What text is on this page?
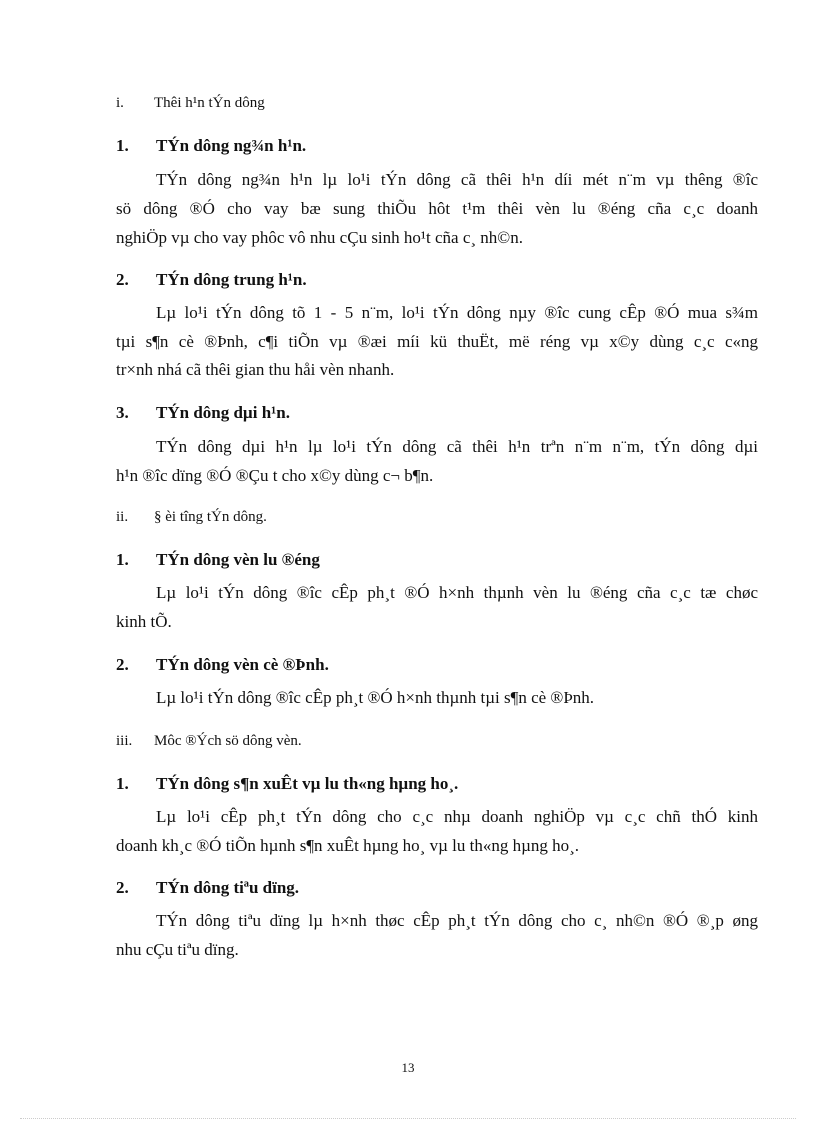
i. Thêi h¹n tÝn dông
1. TÝn dông ng¾n h¹n.
TÝn dông ng¾n h¹n lµ lo¹i tÝn dông cã thêi h¹n díi mét n¨m vµ thêng ®îc
sö dông ®Ó cho vay bæ sung thiÕu hôt t¹m thêi vèn lu ®éng cña c¸c doanh
nghiÖp vµ cho vay phôc vô nhu cÇu sinh ho¹t cña c¸ nh©n.
2. TÝn dông trung h¹n.
Lµ lo¹i tÝn dông tõ 1 - 5 n¨m, lo¹i tÝn dông nµy ®îc cung cÊp ®Ó mua s¾m
tµi s¶n cè ®Þnh, c¶i tiÕn vµ ®æi míi kü thuËt, më réng vµ x©y dùng c¸c c«ng
tr×nh nhá cã thêi gian thu håi vèn nhanh.
3. TÝn dông dµi h¹n.
TÝn dông dµi h¹n lµ lo¹i tÝn dông cã thêi h¹n trªn n¨m n¨m, tÝn dông dµi
h¹n ®îc dïng ®Ó ®Çu t cho x©y dùng c¬ b¶n.
ii. § èi tîng tÝn dông.
1. TÝn dông vèn lu ®éng
Lµ lo¹i tÝn dông ®îc cÊp ph¸t ®Ó h×nh thµnh vèn lu ®éng cña c¸c tæ chøc
kinh tÕ.
2. TÝn dông vèn cè ®Þnh.
Lµ lo¹i tÝn dông ®îc cÊp ph¸t ®Ó h×nh thµnh tµi s¶n cè ®Þnh.
iii. Môc ®Ých sö dông vèn.
1. TÝn dông s¶n xuÊt vµ lu th«ng hµng ho¸.
Lµ lo¹i cÊp ph¸t tÝn dông cho c¸c nhµ doanh nghiÖp vµ c¸c chñ thÓ kinh
doanh kh¸c ®Ó tiÕn hµnh s¶n xuÊt hµng ho¸ vµ lu th«ng hµng ho¸.
2. TÝn dông tiªu dïng.
TÝn dông tiªu dïng lµ h×nh thøc cÊp ph¸t tÝn dông cho c¸ nh©n ®Ó ®¸p øng
nhu cÇu tiªu dïng.
13
